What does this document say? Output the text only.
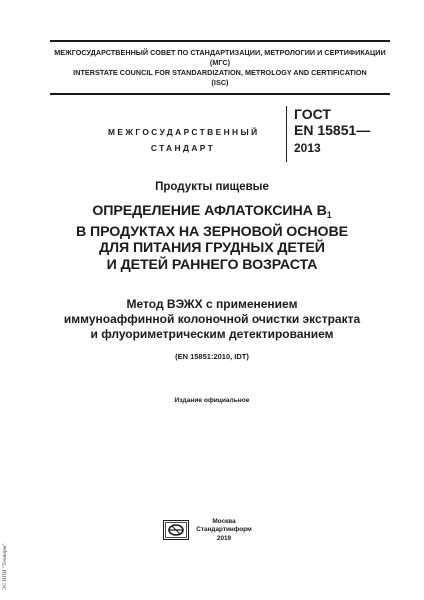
МЕЖГОСУДАРСТВЕННЫЙ СОВЕТ ПО СТАНДАРТИЗАЦИИ, МЕТРОЛОГИИ И СЕРТИФИКАЦИИ
(МГС)
INTERSTATE COUNCIL FOR STANDARDIZATION, METROLOGY AND CERTIFICATION
(ISC)
МЕЖГОСУДАРСТВЕННЫЙ
СТАНДАРТ
ГОСТ
EN 15851—
2013
Продукты пищевые
ОПРЕДЕЛЕНИЕ АФЛАТОКСИНА $В_1$
В ПРОДУКТАХ НА ЗЕРНОВОЙ ОСНОВЕ
ДЛЯ ПИТАНИЯ ГРУДНЫХ ДЕТЕЙ
И ДЕТЕЙ РАННЕГО ВОЗРАСТА
Метод ВЭЖХ с применением
иммуноаффинной колоночной очистки экстракта
и флуориметрическим детектированием
(EN 15851:2010, IDT)
Издание официальное
Москва
Стандартинформ
2019
ЭС НПИ "Технорм"
